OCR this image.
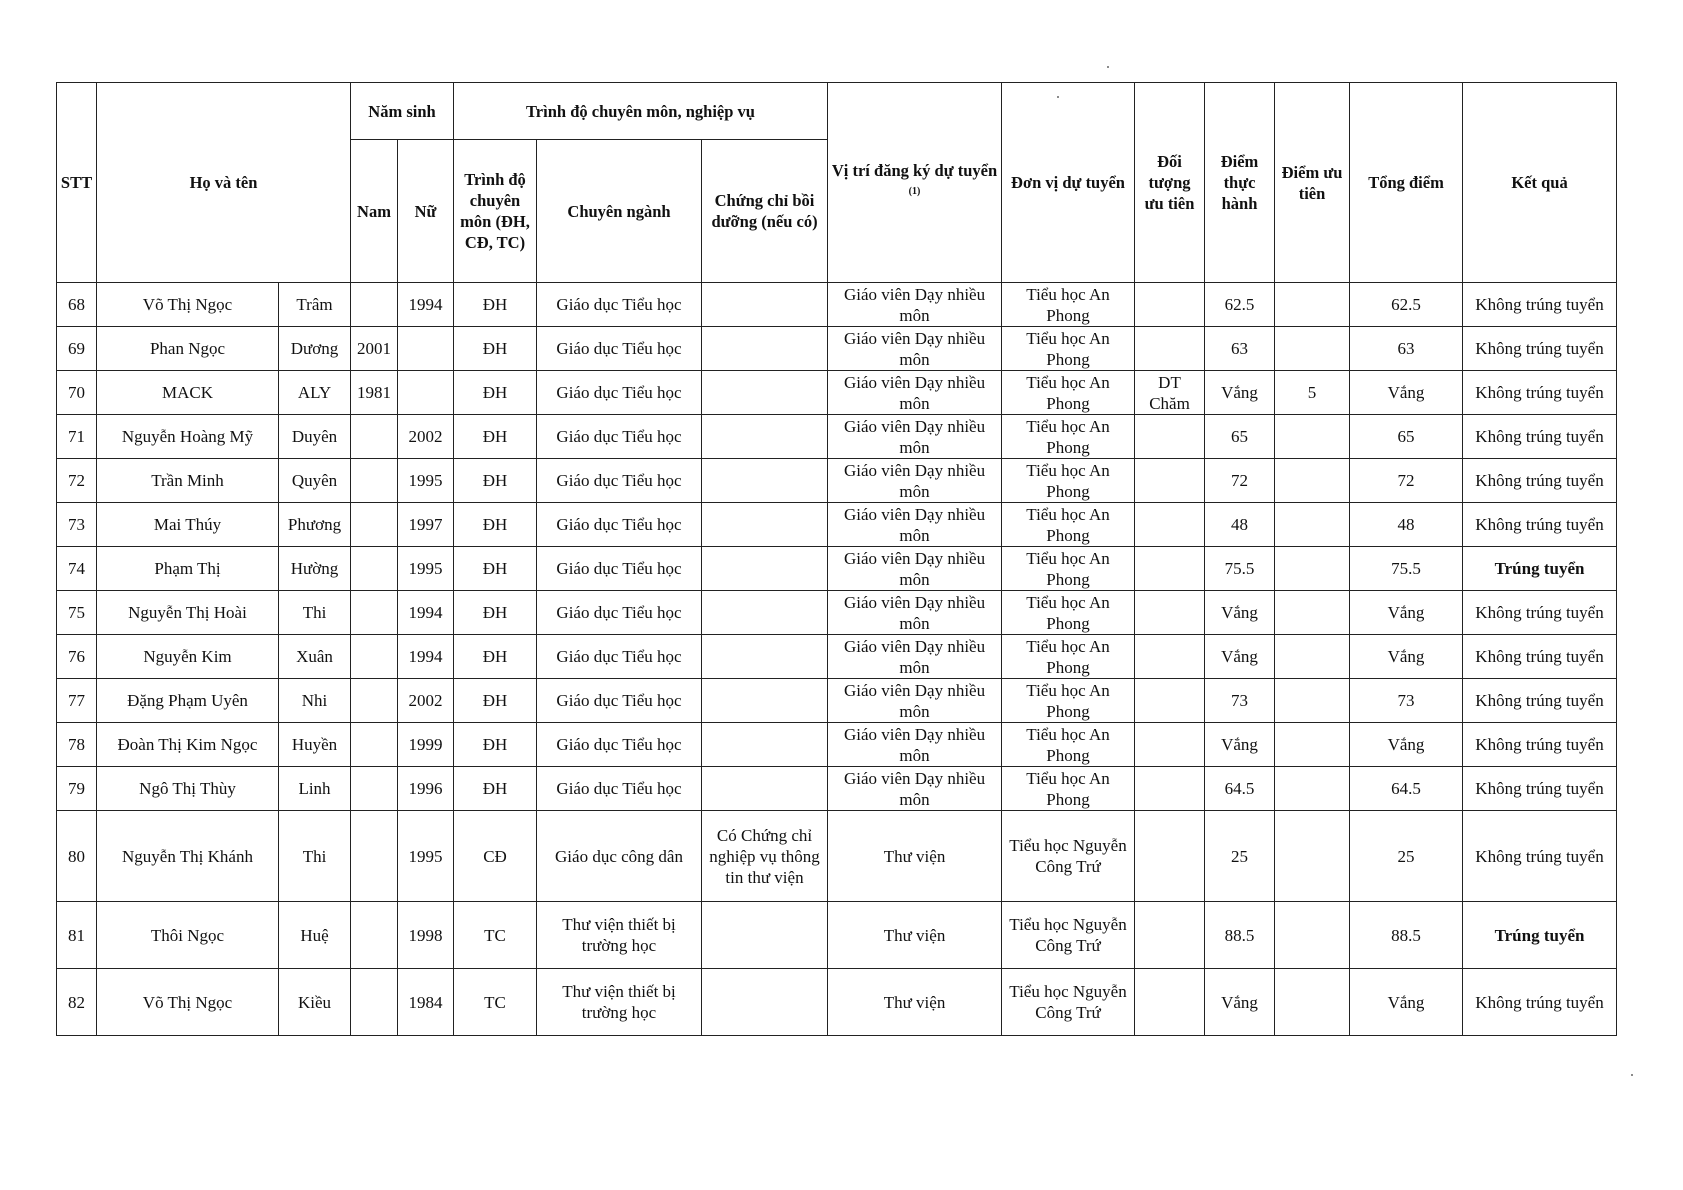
STT	Họ và tên		Năm sinh		Trình độ chuyên môn, nghiệp vụ			Vị trí đăng ký dự tuyển $^{(1)}$	Đơn vị dự tuyển	Đối tượng ưu tiên	Điểm thực hành	Điểm ưu tiên	Tổng điểm	Kết quả
			Nam	Nữ	Trình độ chuyên môn (ĐH, CĐ, TC)	Chuyên ngành	Chứng chỉ bồi dưỡng (nếu có)							
68	Võ Thị Ngọc	Trâm		1994	ĐH	Giáo dục Tiểu học		Giáo viên Dạy nhiều môn	Tiểu học An Phong		62.5		62.5	Không trúng tuyển
69	Phan Ngọc	Dương	2001		ĐH	Giáo dục Tiểu học		Giáo viên Dạy nhiều môn	Tiểu học An Phong		63		63	Không trúng tuyển
70	MACK	ALY	1981		ĐH	Giáo dục Tiểu học		Giáo viên Dạy nhiều môn	Tiểu học An Phong	DT Chăm	Vắng	5	Vắng	Không trúng tuyển
71	Nguyễn Hoàng Mỹ	Duyên		2002	ĐH	Giáo dục Tiểu học		Giáo viên Dạy nhiều môn	Tiểu học An Phong		65		65	Không trúng tuyển
72	Trần Minh	Quyên		1995	ĐH	Giáo dục Tiểu học		Giáo viên Dạy nhiều môn	Tiểu học An Phong		72		72	Không trúng tuyển
73	Mai Thúy	Phương		1997	ĐH	Giáo dục Tiểu học		Giáo viên Dạy nhiều môn	Tiểu học An Phong		48		48	Không trúng tuyển
74	Phạm Thị	Hường		1995	ĐH	Giáo dục Tiểu học		Giáo viên Dạy nhiều môn	Tiểu học An Phong		75.5		75.5	Trúng tuyển
75	Nguyễn Thị Hoài	Thi		1994	ĐH	Giáo dục Tiểu học		Giáo viên Dạy nhiều môn	Tiểu học An Phong		Vắng		Vắng	Không trúng tuyển
76	Nguyễn Kim	Xuân		1994	ĐH	Giáo dục Tiểu học		Giáo viên Dạy nhiều môn	Tiểu học An Phong		Vắng		Vắng	Không trúng tuyển
77	Đặng Phạm Uyên	Nhi		2002	ĐH	Giáo dục Tiểu học		Giáo viên Dạy nhiều môn	Tiểu học An Phong		73		73	Không trúng tuyển
78	Đoàn Thị Kim Ngọc	Huyền		1999	ĐH	Giáo dục Tiểu học		Giáo viên Dạy nhiều môn	Tiểu học An Phong		Vắng		Vắng	Không trúng tuyển
79	Ngô Thị Thùy	Linh		1996	ĐH	Giáo dục Tiểu học		Giáo viên Dạy nhiều môn	Tiểu học An Phong		64.5		64.5	Không trúng tuyển
80	Nguyễn Thị Khánh	Thi		1995	CĐ	Giáo dục công dân	Có Chứng chỉ nghiệp vụ thông tin thư viện	Thư viện	Tiểu học Nguyễn Công Trứ		25		25	Không trúng tuyển
81	Thôi Ngọc	Huệ		1998	TC	Thư viện thiết bị trường học		Thư viện	Tiểu học Nguyễn Công Trứ		88.5		88.5	Trúng tuyển
82	Võ Thị Ngọc	Kiều		1984	TC	Thư viện thiết bị trường học		Thư viện	Tiểu học Nguyễn Công Trứ		Vắng		Vắng	Không trúng tuyển
